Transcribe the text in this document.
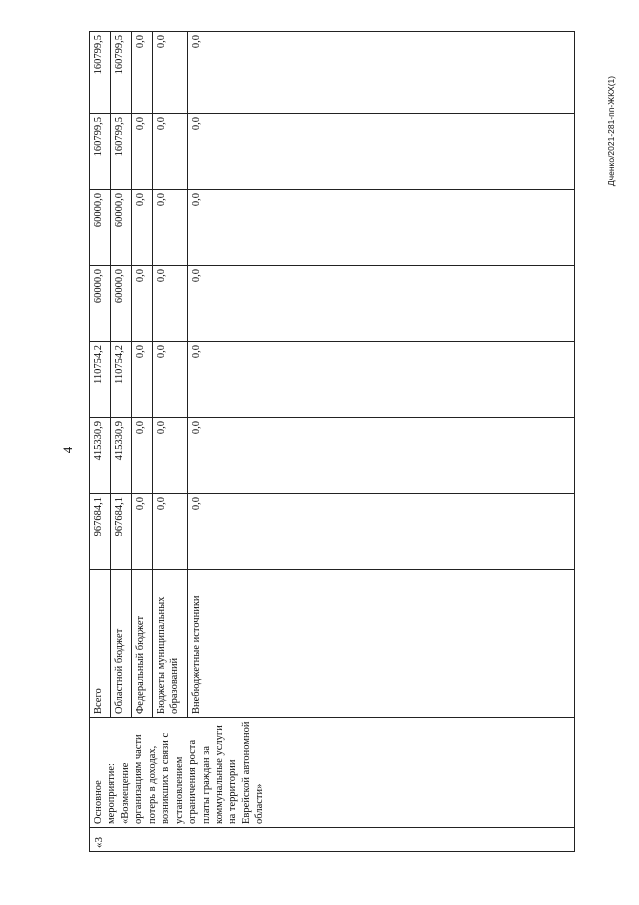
4
Дченко/2021-281-пп-ЖКХ(1)
«3	Основное мероприятие: «Возмещение организациям части потерь в доходах, возникших в связи с установлением ограничения роста платы граждан за коммунальные услуги на территории Еврейской автономной области»	Всего	967684,1	415330,9	110754,2	60000,0	60000,0	160799,5	160799,5
		Областной бюджет	967684,1	415330,9	110754,2	60000,0	60000,0	160799,5	160799,5
		Федеральный бюджет	0,0	0,0	0,0	0,0	0,0	0,0	0,0
		Бюджеты муниципальных образований	0,0	0,0	0,0	0,0	0,0	0,0	0,0
		Внебюджетные источники	0,0	0,0	0,0	0,0	0,0	0,0	0,0
